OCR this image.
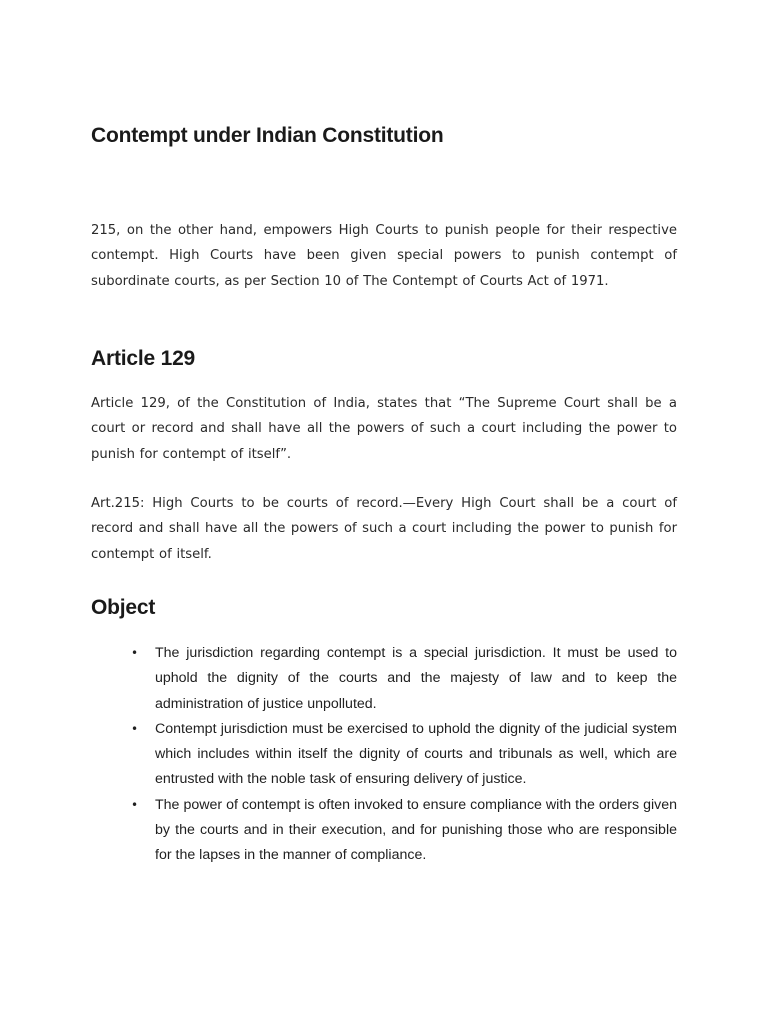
Contempt under Indian Constitution

215, on the other hand, empowers High Courts to punish people for their respective contempt. High Courts have been given special powers to punish contempt of subordinate courts, as per Section 10 of The Contempt of Courts Act of 1971.

Article 129

Article 129, of the Constitution of India, states that “The Supreme Court shall be a court or record and shall have all the powers of such a court including the power to punish for contempt of itself”.

Art.215: High Courts to be courts of record.—Every High Court shall be a court of record and shall have all the powers of such a court including the power to punish for contempt of itself.

Object
• The jurisdiction regarding contempt is a special jurisdiction. It must be used to uphold the dignity of the courts and the majesty of law and to keep the administration of justice unpolluted.
• Contempt jurisdiction must be exercised to uphold the dignity of the judicial system which includes within itself the dignity of courts and tribunals as well, which are entrusted with the noble task of ensuring delivery of justice.
• The power of contempt is often invoked to ensure compliance with the orders given by the courts and in their execution, and for punishing those who are responsible for the lapses in the manner of compliance.
